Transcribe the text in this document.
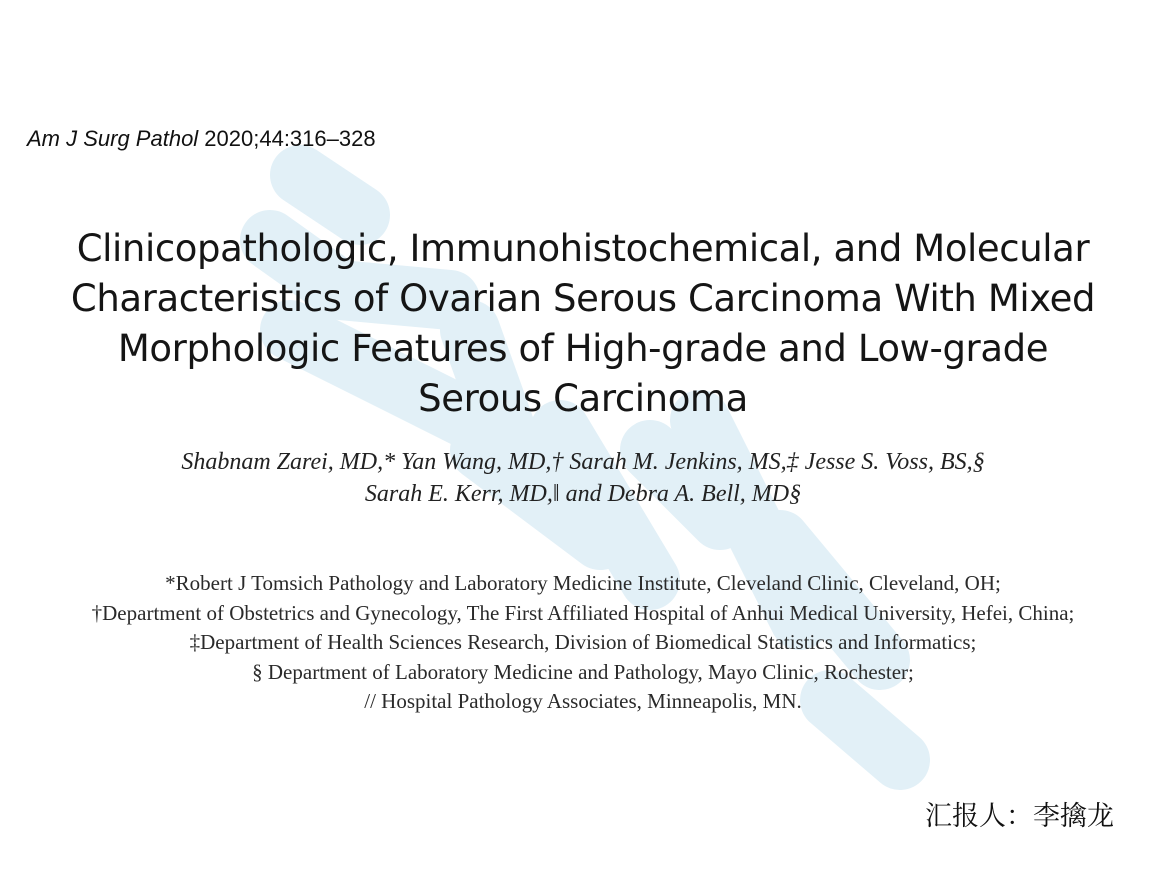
Am J Surg Pathol 2020;44:316–328
Clinicopathologic, Immunohistochemical, and Molecular
Characteristics of Ovarian Serous Carcinoma With Mixed
Morphologic Features of High-grade and Low-grade
Serous Carcinoma
Shabnam Zarei, MD,* Yan Wang, MD,† Sarah M. Jenkins, MS,‡ Jesse S. Voss, BS,§
Sarah E. Kerr, MD,‖ and Debra A. Bell, MD§
*Robert J Tomsich Pathology and Laboratory Medicine Institute, Cleveland Clinic, Cleveland, OH;
†Department of Obstetrics and Gynecology, The First Affiliated Hospital of Anhui Medical University, Hefei, China;
‡Department of Health Sciences Research, Division of Biomedical Statistics and Informatics;
§ Department of Laboratory Medicine and Pathology, Mayo Clinic, Rochester;
// Hospital Pathology Associates, Minneapolis, MN.
汇报人：李擒龙
